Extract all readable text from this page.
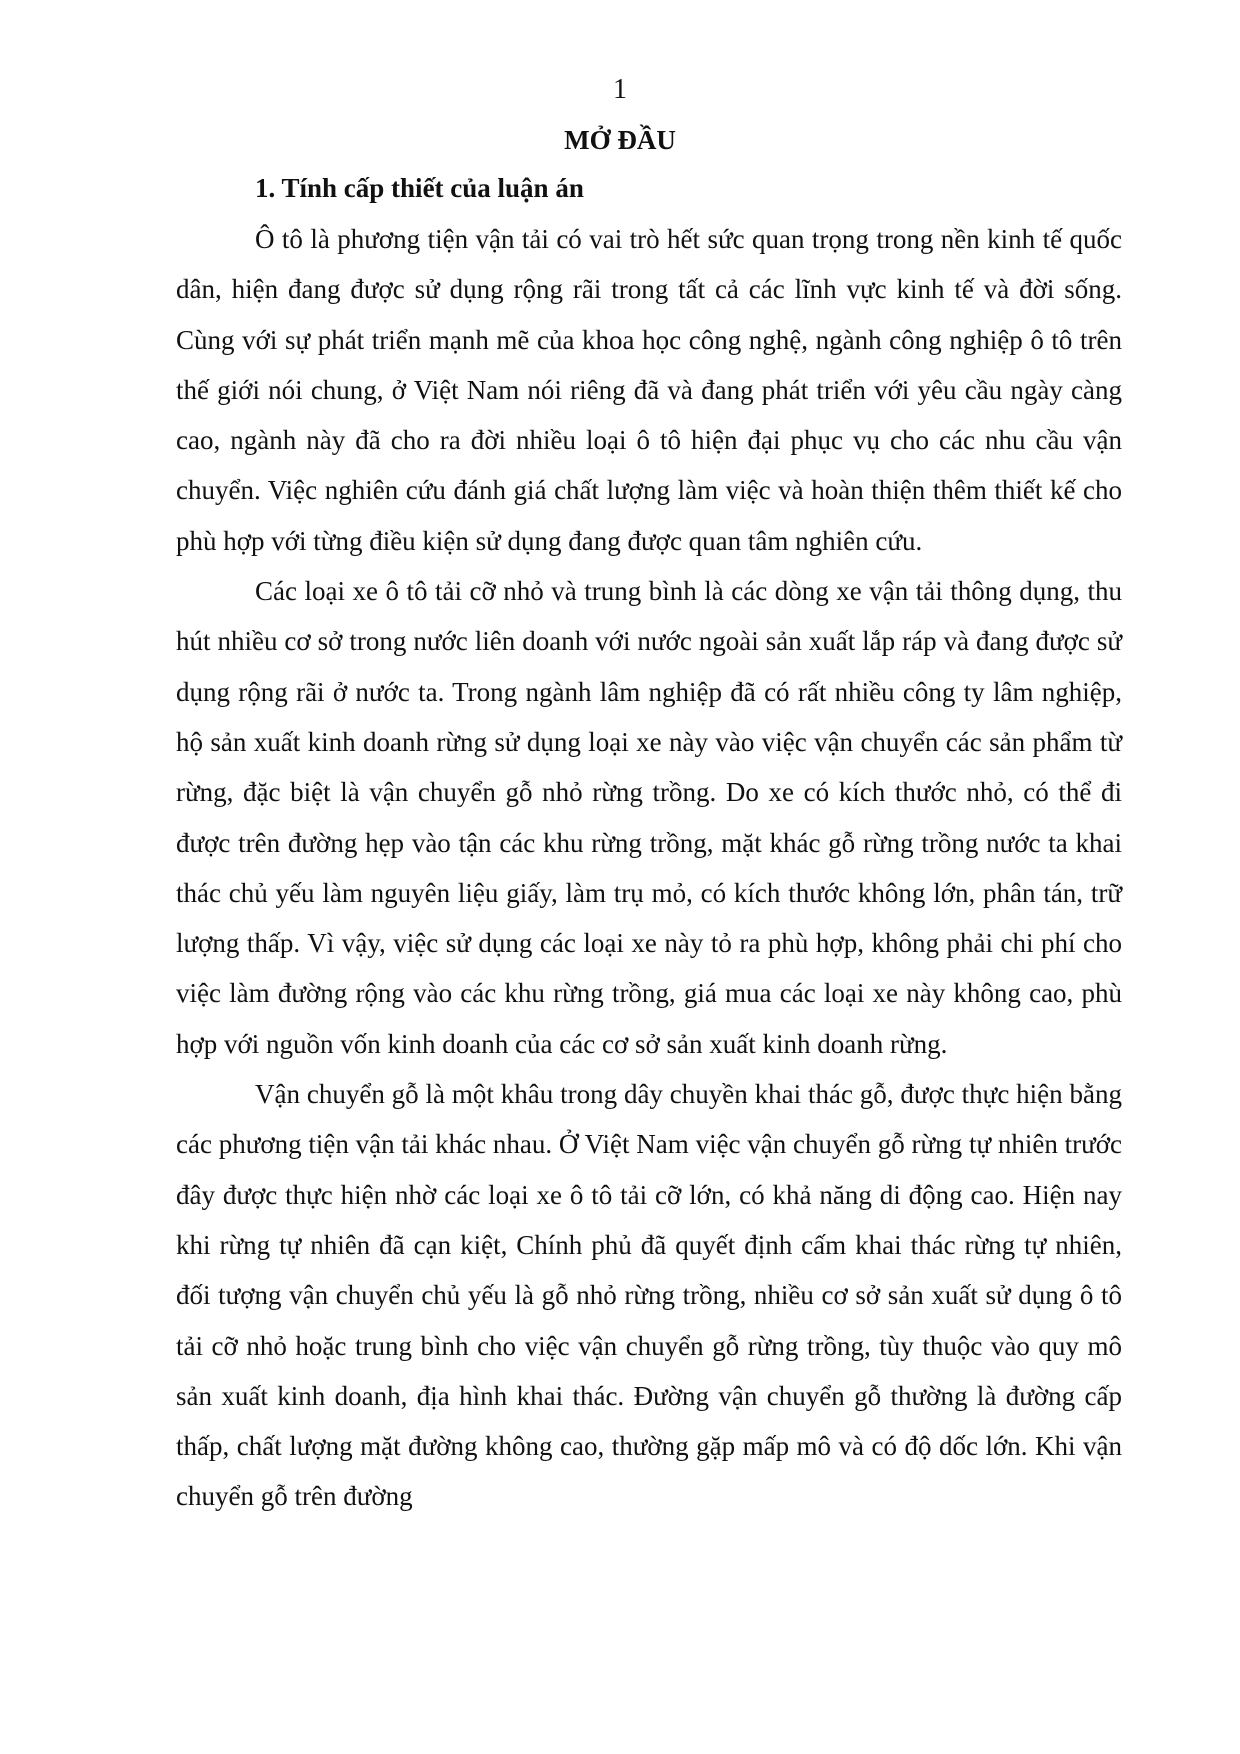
1
MỞ ĐẦU
1. Tính cấp thiết của luận án

Ô tô là phương tiện vận tải có vai trò hết sức quan trọng trong nền kinh tế quốc dân, hiện đang được sử dụng rộng rãi trong tất cả các lĩnh vực kinh tế và đời sống. Cùng với sự phát triển mạnh mẽ của khoa học công nghệ, ngành công nghiệp ô tô trên thế giới nói chung, ở Việt Nam nói riêng đã và đang phát triển với yêu cầu ngày càng cao, ngành này đã cho ra đời nhiều loại ô tô hiện đại phục vụ cho các nhu cầu vận chuyển. Việc nghiên cứu đánh giá chất lượng làm việc và hoàn thiện thêm thiết kế cho phù hợp với từng điều kiện sử dụng đang được quan tâm nghiên cứu.

Các loại xe ô tô tải cỡ nhỏ và trung bình là các dòng xe vận tải thông dụng, thu hút nhiều cơ sở trong nước liên doanh với nước ngoài sản xuất lắp ráp và đang được sử dụng rộng rãi ở nước ta. Trong ngành lâm nghiệp đã có rất nhiều công ty lâm nghiệp, hộ sản xuất kinh doanh rừng sử dụng loại xe này vào việc vận chuyển các sản phẩm từ rừng, đặc biệt là vận chuyển gỗ nhỏ rừng trồng. Do xe có kích thước nhỏ, có thể đi được trên đường hẹp vào tận các khu rừng trồng, mặt khác gỗ rừng trồng nước ta khai thác chủ yếu làm nguyên liệu giấy, làm trụ mỏ, có kích thước không lớn, phân tán, trữ lượng thấp. Vì vậy, việc sử dụng các loại xe này tỏ ra phù hợp, không phải chi phí cho việc làm đường rộng vào các khu rừng trồng, giá mua các loại xe này không cao, phù hợp với nguồn vốn kinh doanh của các cơ sở sản xuất kinh doanh rừng.

Vận chuyển gỗ là một khâu trong dây chuyền khai thác gỗ, được thực hiện bằng các phương tiện vận tải khác nhau. Ở Việt Nam việc vận chuyển gỗ rừng tự nhiên trước đây được thực hiện nhờ các loại xe ô tô tải cỡ lớn, có khả năng di động cao. Hiện nay khi rừng tự nhiên đã cạn kiệt, Chính phủ đã quyết định cấm khai thác rừng tự nhiên, đối tượng vận chuyển chủ yếu là gỗ nhỏ rừng trồng, nhiều cơ sở sản xuất sử dụng ô tô tải cỡ nhỏ hoặc trung bình cho việc vận chuyển gỗ rừng trồng, tùy thuộc vào quy mô sản xuất kinh doanh, địa hình khai thác. Đường vận chuyển gỗ thường là đường cấp thấp, chất lượng mặt đường không cao, thường gặp mấp mô và có độ dốc lớn. Khi vận chuyển gỗ trên đường
